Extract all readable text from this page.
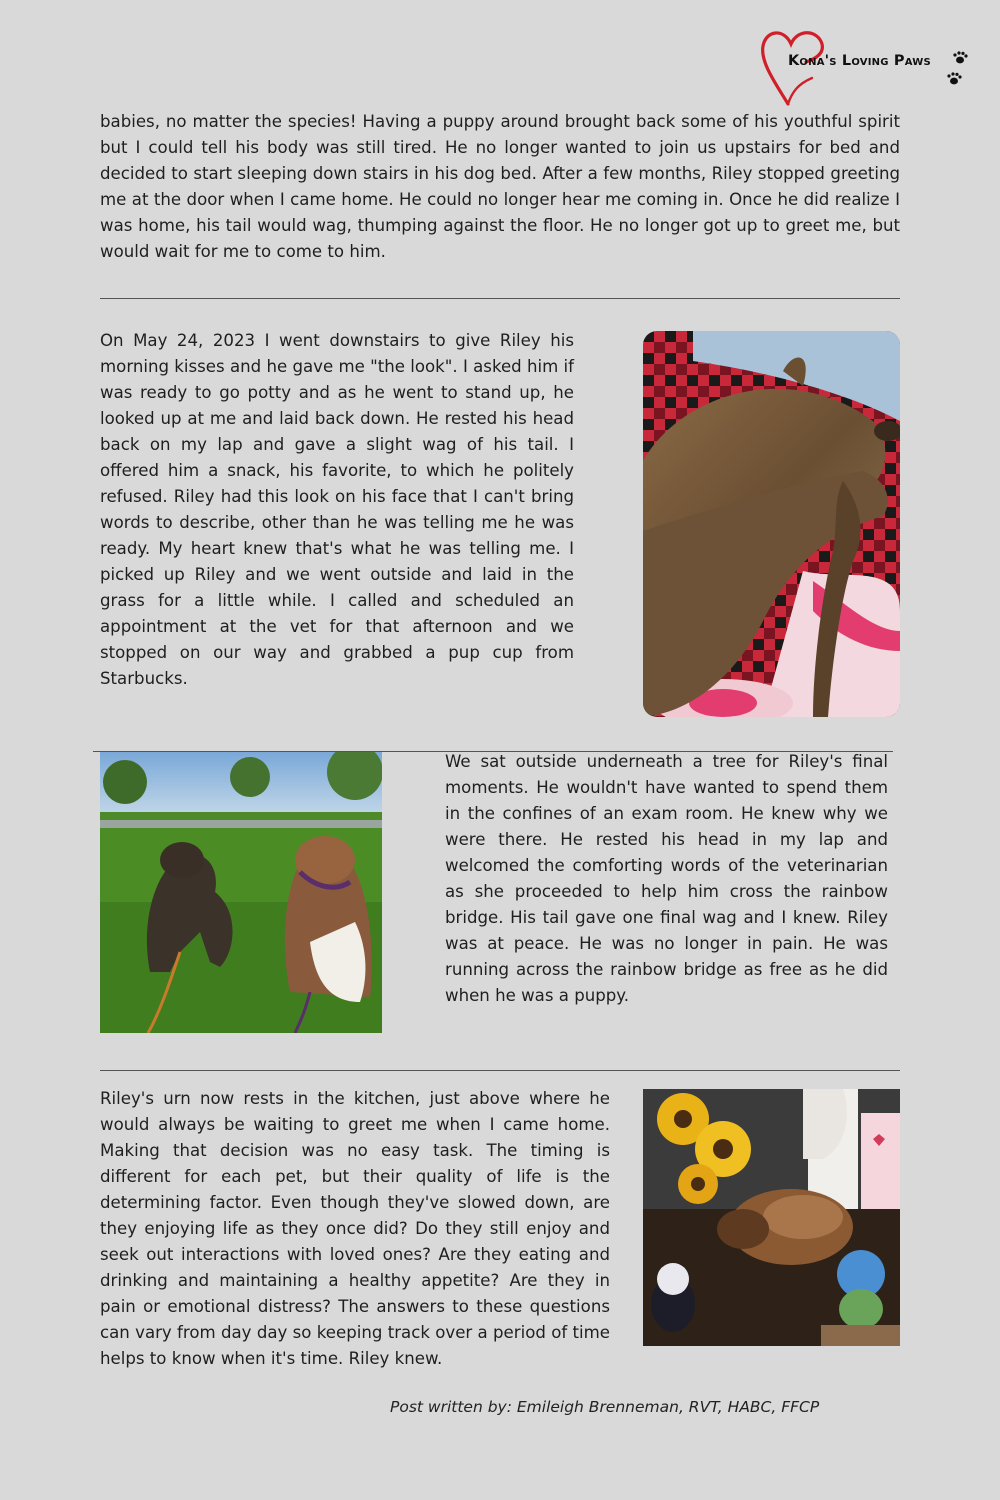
Kona's Loving Paws

babies, no matter the species! Having a puppy around brought back some of his youthful spirit but I could tell his body was still tired. He no longer wanted to join us upstairs for bed and decided to start sleeping down stairs in his dog bed. After a few months, Riley stopped greeting me at the door when I came home. He could no longer hear me coming in. Once he did realize I was home, his tail would wag, thumping against the floor. He no longer got up to greet me, but would wait for me to come to him.

On May 24, 2023 I went downstairs to give Riley his morning kisses and he gave me "the look". I asked him if was ready to go potty and as he went to stand up, he looked up at me and laid back down. He rested his head back on my lap and gave a slight wag of his tail. I offered him a snack, his favorite, to which he politely refused. Riley had this look on his face that I can't bring words to describe, other than he was telling me he was ready. My heart knew that's what he was telling me. I picked up Riley and we went outside and laid in the grass for a little while. I called and scheduled an appointment at the vet for that afternoon and we stopped on our way and grabbed a pup cup from Starbucks.

We sat outside underneath a tree for Riley's final moments. He wouldn't have wanted to spend them in the confines of an exam room. He knew why we were there. He rested his head in my lap and welcomed the comforting words of the veterinarian as she proceeded to help him cross the rainbow bridge. His tail gave one final wag and I knew. Riley was at peace. He was no longer in pain. He was running across the rainbow bridge as free as he did when he was a puppy.

Riley's urn now rests in the kitchen, just above where he would always be waiting to greet me when I came home. Making that decision was no easy task. The timing is different for each pet, but their quality of life is the determining factor. Even though they've slowed down, are they enjoying life as they once did? Do they still enjoy and seek out interactions with loved ones? Are they eating and drinking and maintaining a healthy appetite? Are they in pain or emotional distress? The answers to these questions can vary from day day so keeping track over a period of time helps to know when it's time. Riley knew.

Post written by: Emileigh Brenneman, RVT, HABC, FFCP
